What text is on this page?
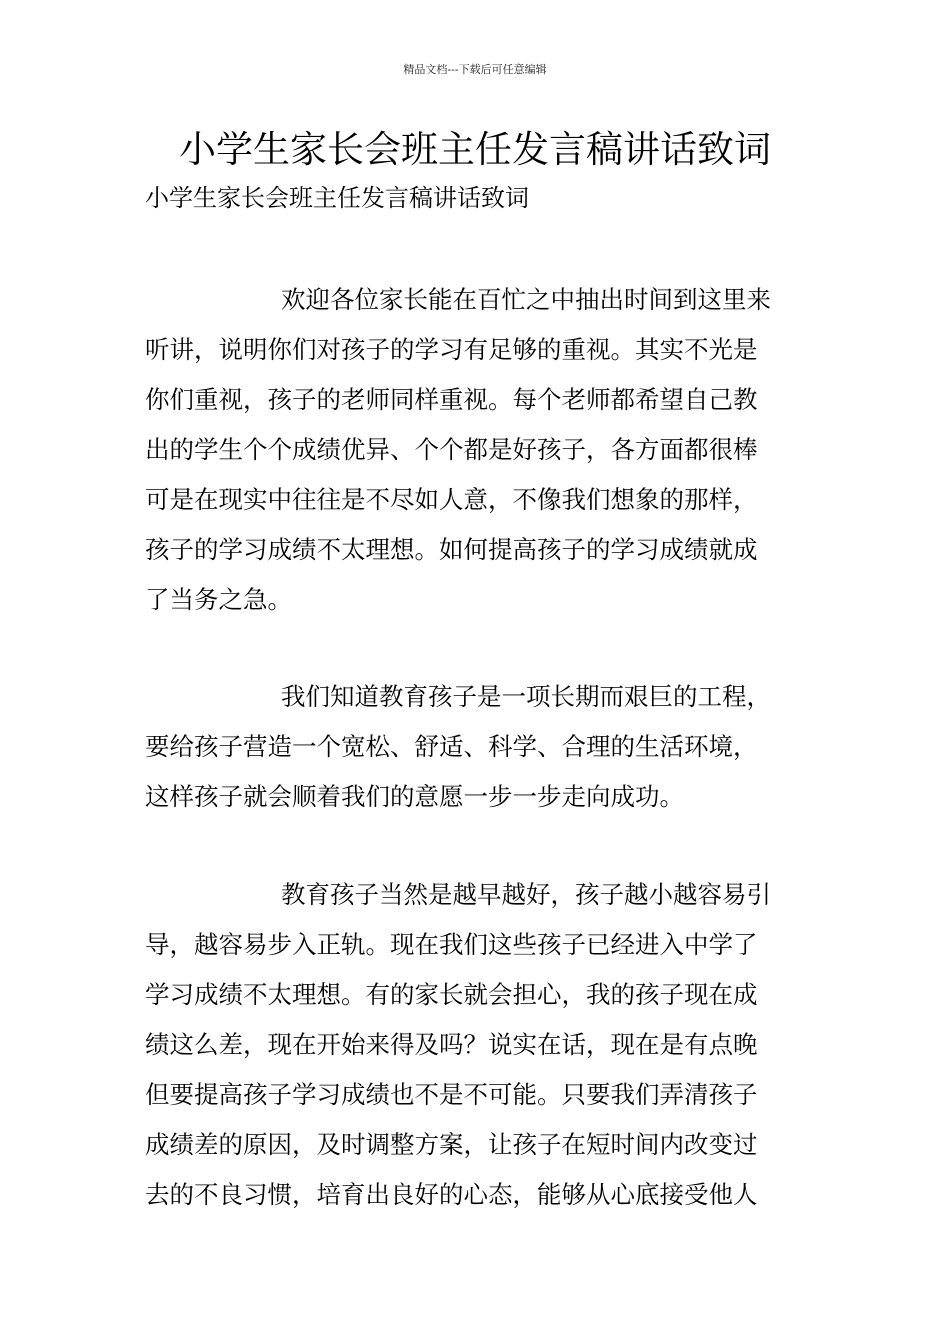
精品文档---下载后可任意编辑
小学生家长会班主任发言稿讲话致词
小学生家长会班主任发言稿讲话致词
欢迎各位家长能在百忙之中抽出时间到这里来
听讲，说明你们对孩子的学习有足够的重视。其实不光是
你们重视，孩子的老师同样重视。每个老师都希望自己教
出的学生个个成绩优异、个个都是好孩子，各方面都很棒
可是在现实中往往是不尽如人意，不像我们想象的那样，
孩子的学习成绩不太理想。如何提高孩子的学习成绩就成
了当务之急。
我们知道教育孩子是一项长期而艰巨的工程，
要给孩子营造一个宽松、舒适、科学、合理的生活环境，
这样孩子就会顺着我们的意愿一步一步走向成功。
教育孩子当然是越早越好，孩子越小越容易引
导，越容易步入正轨。现在我们这些孩子已经进入中学了
学习成绩不太理想。有的家长就会担心，我的孩子现在成
绩这么差，现在开始来得及吗？说实在话，现在是有点晚
但要提高孩子学习成绩也不是不可能。只要我们弄清孩子
成绩差的原因，及时调整方案，让孩子在短时间内改变过
去的不良习惯，培育出良好的心态，能够从心底接受他人
